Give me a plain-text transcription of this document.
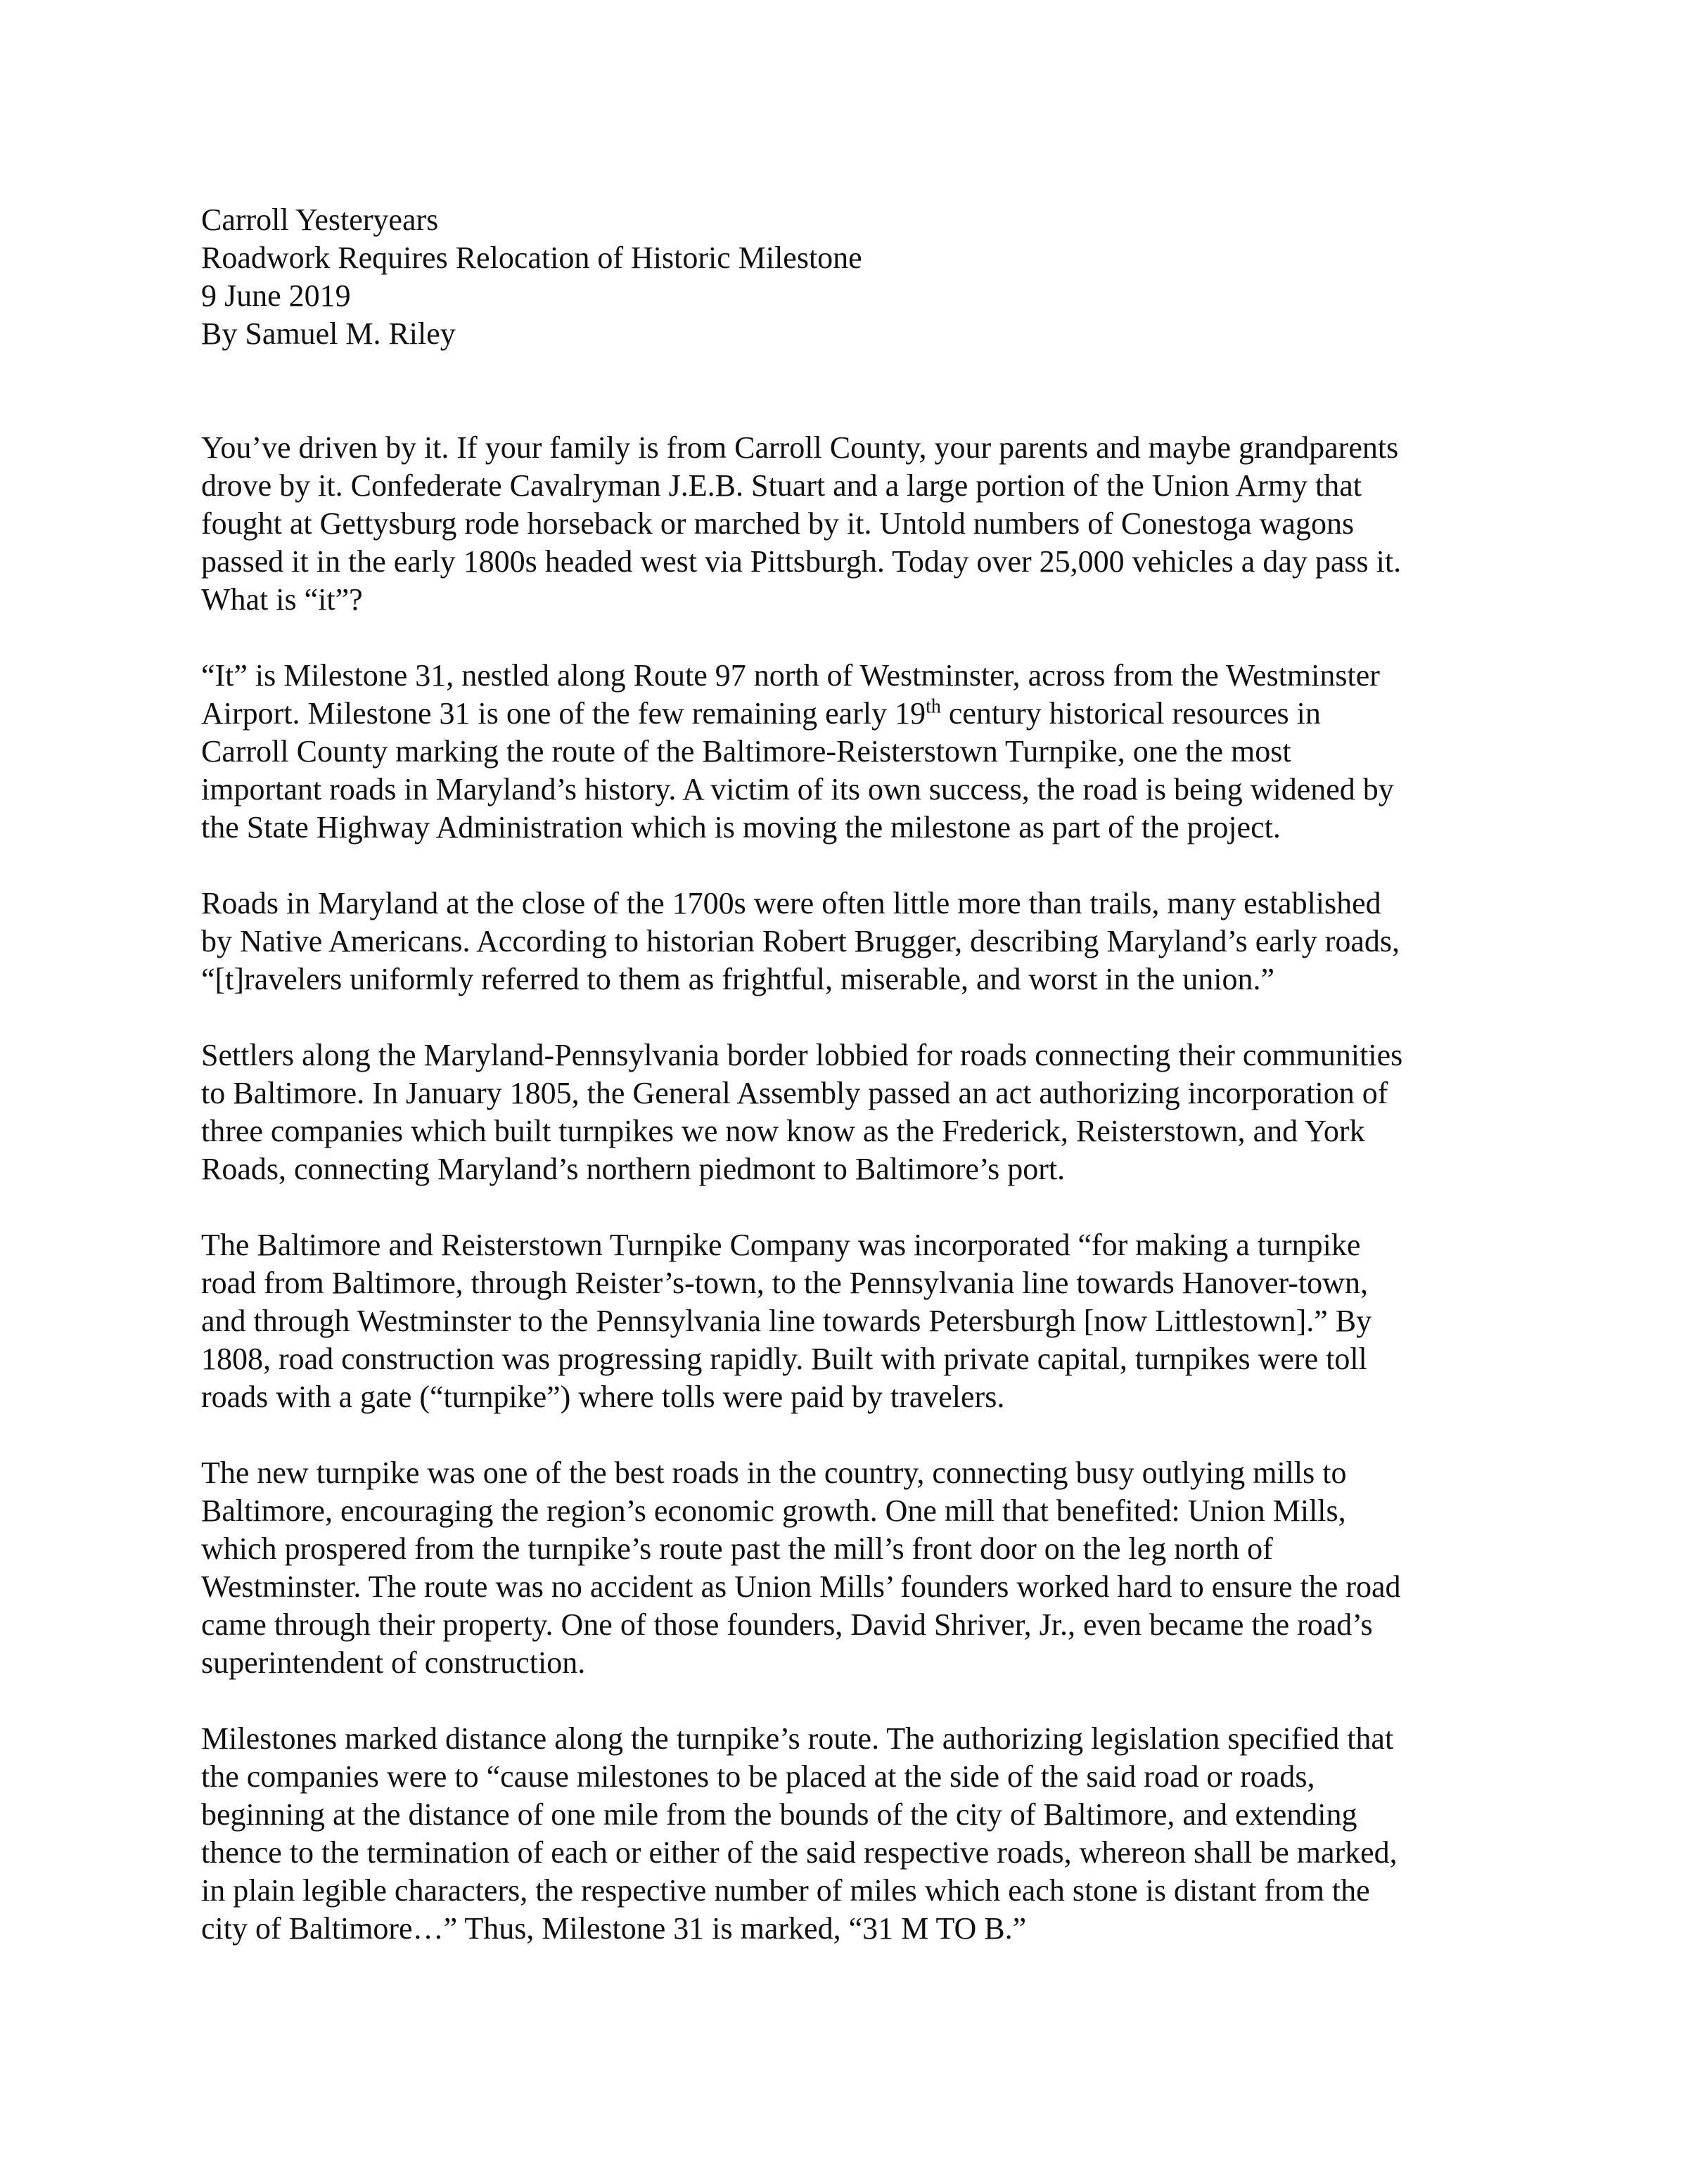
Carroll Yesteryears
Roadwork Requires Relocation of Historic Milestone
9 June 2019
By Samuel M. Riley

You’ve driven by it. If your family is from Carroll County, your parents and maybe grandparents
drove by it. Confederate Cavalryman J.E.B. Stuart and a large portion of the Union Army that
fought at Gettysburg rode horseback or marched by it. Untold numbers of Conestoga wagons
passed it in the early 1800s headed west via Pittsburgh. Today over 25,000 vehicles a day pass it.
What is “it”?

“It” is Milestone 31, nestled along Route 97 north of Westminster, across from the Westminster
Airport. Milestone 31 is one of the few remaining early 19th century historical resources in
Carroll County marking the route of the Baltimore-Reisterstown Turnpike, one the most
important roads in Maryland’s history. A victim of its own success, the road is being widened by
the State Highway Administration which is moving the milestone as part of the project.

Roads in Maryland at the close of the 1700s were often little more than trails, many established
by Native Americans. According to historian Robert Brugger, describing Maryland’s early roads,
“[t]ravelers uniformly referred to them as frightful, miserable, and worst in the union.”

Settlers along the Maryland-Pennsylvania border lobbied for roads connecting their communities
to Baltimore. In January 1805, the General Assembly passed an act authorizing incorporation of
three companies which built turnpikes we now know as the Frederick, Reisterstown, and York
Roads, connecting Maryland’s northern piedmont to Baltimore’s port.

The Baltimore and Reisterstown Turnpike Company was incorporated “for making a turnpike
road from Baltimore, through Reister’s-town, to the Pennsylvania line towards Hanover-town,
and through Westminster to the Pennsylvania line towards Petersburgh [now Littlestown].” By
1808, road construction was progressing rapidly. Built with private capital, turnpikes were toll
roads with a gate (“turnpike”) where tolls were paid by travelers.

The new turnpike was one of the best roads in the country, connecting busy outlying mills to
Baltimore, encouraging the region’s economic growth. One mill that benefited: Union Mills,
which prospered from the turnpike’s route past the mill’s front door on the leg north of
Westminster. The route was no accident as Union Mills’ founders worked hard to ensure the road
came through their property. One of those founders, David Shriver, Jr., even became the road’s
superintendent of construction.

Milestones marked distance along the turnpike’s route. The authorizing legislation specified that
the companies were to “cause milestones to be placed at the side of the said road or roads,
beginning at the distance of one mile from the bounds of the city of Baltimore, and extending
thence to the termination of each or either of the said respective roads, whereon shall be marked,
in plain legible characters, the respective number of miles which each stone is distant from the
city of Baltimore…” Thus, Milestone 31 is marked, “31 M TO B.”
